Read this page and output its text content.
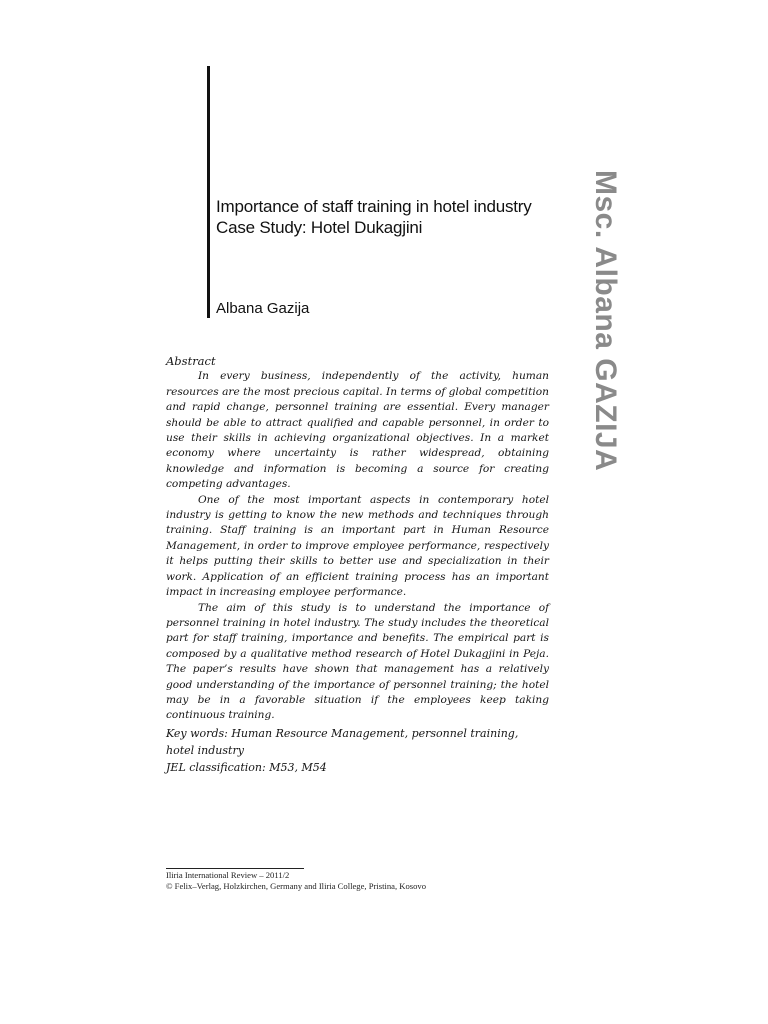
Importance of staff training in hotel industry
Case Study: Hotel Dukagjini
Albana Gazija	Msc. Albana GAZIJA
Abstract

In every business, independently of the activity, human resources are the most precious capital. In terms of global competition and rapid change, personnel training are essential. Every manager should be able to attract qualified and capable personnel, in order to use their skills in achieving organizational objectives. In a market economy where uncertainty is rather widespread, obtaining knowledge and information is becoming a source for creating competing advantages.

One of the most important aspects in contemporary hotel industry is getting to know the new methods and techniques through training. Staff training is an important part in Human Resource Management, in order to improve employee performance, respectively it helps putting their skills to better use and specialization in their work. Application of an efficient training process has an important impact in increasing employee performance.

The aim of this study is to understand the importance of personnel training in hotel industry. The study includes the theoretical part for staff training, importance and benefits. The empirical part is composed by a qualitative method research of Hotel Dukagjini in Peja. The paper’s results have shown that management has a relatively good understanding of the importance of personnel training; the hotel may be in a favorable situation if the employees keep taking continuous training.

Key words: Human Resource Management, personnel training, hotel industry

JEL classification: M53, M54

Iliria International Review – 2011/2
© Felix–Verlag, Holzkirchen, Germany and Iliria College, Pristina, Kosovo
